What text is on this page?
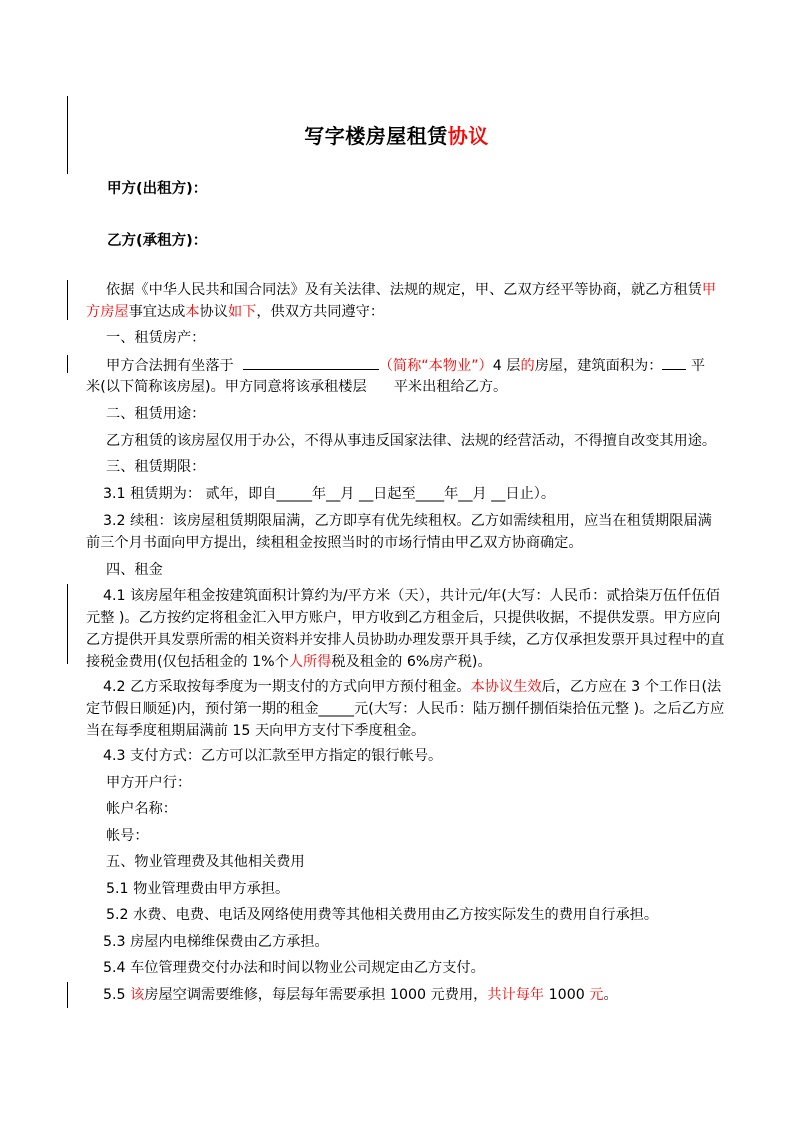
写字楼房屋租赁协议
甲方(出租方)：
乙方(承租方)：
依据《中华人民共和国合同法》及有关法律、法规的规定，甲、乙双方经平等协商，就乙方租赁甲
方房屋事宜达成本协议如下，供双方共同遵守：
一、租赁房产：
甲方合法拥有坐落于	（简称“本物业”）4 层的房屋，建筑面积为： 平
米(以下简称该房屋)。甲方同意将该承租楼层      平米出租给乙方。
二、租赁用途：
乙方租赁的该房屋仅用于办公，不得从事违反国家法律、法规的经营活动，不得擅自改变其用途。
三、租赁期限：
3.1 租赁期为： 贰年，即自_____年__月 __日起至____年__月 __日止）。
3.2 续租：该房屋租赁期限届满，乙方即享有优先续租权。乙方如需续租用，应当在租赁期限届满
前三个月书面向甲方提出，续租租金按照当时的市场行情由甲乙双方协商确定。
四、租金
4.1 该房屋年租金按建筑面积计算约为/平方米（天），共计元/年(大写：人民币：贰拾柒万伍仟伍佰
元整 )。乙方按约定将租金汇入甲方账户，甲方收到乙方租金后，只提供收据，不提供发票。甲方应向
乙方提供开具发票所需的相关资料并安排人员协助办理发票开具手续，乙方仅承担发票开具过程中的直
接税金费用(仅包括租金的 1%个人所得税及租金的 6%房产税)。
4.2 乙方采取按每季度为一期支付的方式向甲方预付租金。本协议生效后，乙方应在 3 个工作日(法
定节假日顺延)内，预付第一期的租金_____元(大写：人民币：陆万捌仟捌佰柒拾伍元整 )。之后乙方应
当在每季度租期届满前 15 天向甲方支付下季度租金。
4.3 支付方式：乙方可以汇款至甲方指定的银行帐号。
甲方开户行：
帐户名称：
帐号：
五、物业管理费及其他相关费用
5.1 物业管理费由甲方承担。
5.2 水费、电费、电话及网络使用费等其他相关费用由乙方按实际发生的费用自行承担。
5.3 房屋内电梯维保费由乙方承担。
5.4 车位管理费交付办法和时间以物业公司规定由乙方支付。
5.5 该房屋空调需要维修，每层每年需要承担 1000 元费用，共计每年 1000 元。
